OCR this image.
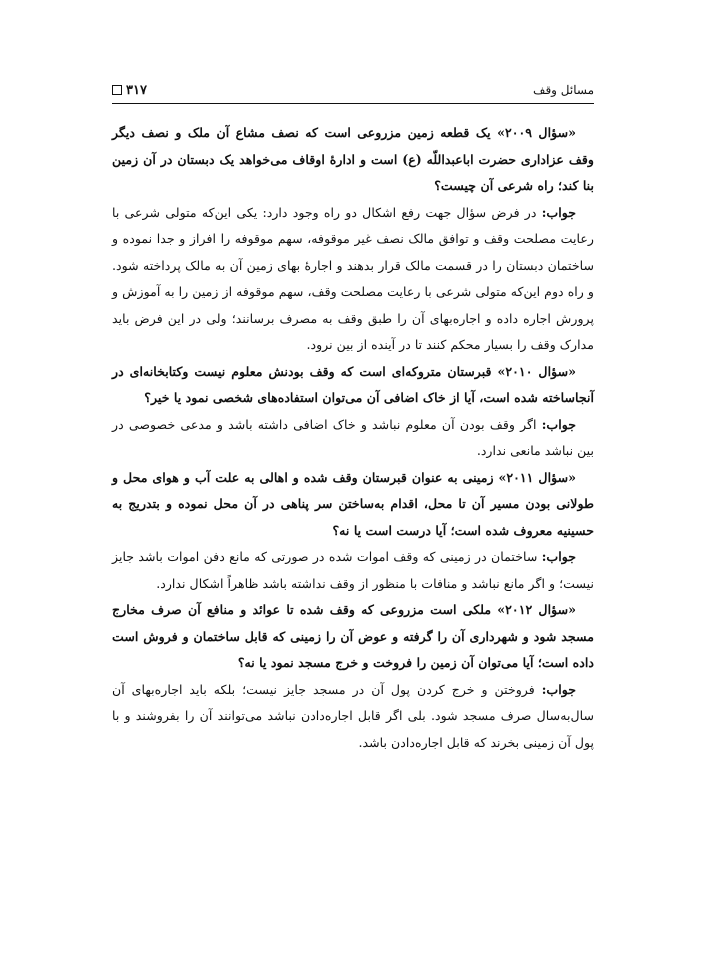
مسائل وقف
۳۱۷

«سؤال ۲۰۰۹» یک قطعه زمین مزروعی است که نصف مشاع آن ملک و نصف دیگر وقف عزاداری حضرت اباعبداللّه (ع) است و ادارهٔ اوقاف می‌خواهد یک دبستان در آن زمین بنا کند؛ راه شرعی آن چیست؟

جواب: در فرض سؤال جهت رفع اشکال دو راه وجود دارد: یکی این‌که متولی شرعی با رعایت مصلحت وقف و توافق مالک نصف غیر موقوفه، سهم موقوفه را افراز و جدا نموده و ساختمان دبستان را در قسمت مالک قرار بدهند و اجارهٔ بهای زمین آن به مالک پرداخته شود. و راه دوم این‌که متولی شرعی با رعایت مصلحت وقف، سهم موقوفه از زمین را به آموزش و پرورش اجاره داده و اجاره‌بهای آن را طبق وقف به مصرف برسانند؛ ولی در این فرض باید مدارک وقف را بسیار محکم کنند تا در آینده از بین نرود.

«سؤال ۲۰۱۰» قبرستان متروکه‌ای است که وقف بودنش معلوم نیست وکتابخانه‌ای در آنجاساخته شده است، آیا از خاک اضافی آن می‌توان استفاده‌های شخصی نمود یا خیر؟

جواب: اگر وقف بودن آن معلوم نباشد و خاک اضافی داشته باشد و مدعی خصوصی در بین نباشد مانعی ندارد.

«سؤال ۲۰۱۱» زمینی به عنوان قبرستان وقف شده و اهالی به علت آب و هوای محل و طولانی بودن مسیر آن تا محل، اقدام به‌ساختن سر پناهی در آن محل نموده و بتدریج به حسینیه معروف شده است؛ آیا درست است یا نه؟

جواب: ساختمان در زمینی که وقف اموات شده در صورتی که مانع دفن اموات باشد جایز نیست؛ و اگر مانع نباشد و منافات با منظور از وقف نداشته باشد ظاهراً اشکال ندارد.

«سؤال ۲۰۱۲» ملکی است مزروعی که وقف شده تا عوائد و منافع آن صرف مخارج مسجد شود و شهرداری آن را گرفته و عوض آن را زمینی که قابل ساختمان و فروش است داده است؛ آیا می‌توان آن زمین را فروخت و خرج مسجد نمود یا نه؟

جواب: فروختن و خرج کردن پول آن در مسجد جایز نیست؛ بلکه باید اجاره‌بهای آن سال‌به‌سال صرف مسجد شود. بلی اگر قابل اجاره‌دادن نباشد می‌توانند آن را بفروشند و با پول آن زمینی بخرند که قابل اجاره‌دادن باشد.
